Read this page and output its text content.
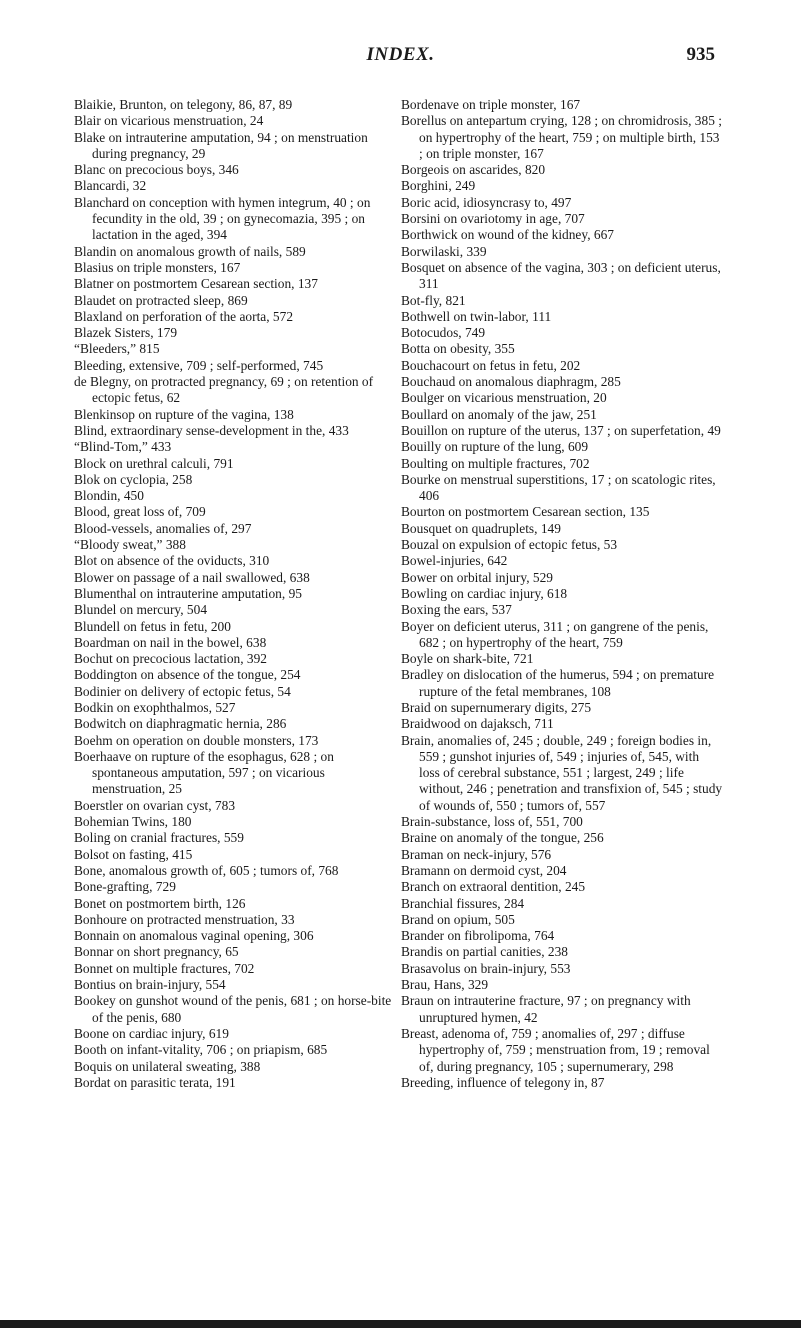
INDEX.	935

Blaikie, Brunton, on telegony, 86, 87, 89

Blair on vicarious menstruation, 24

Blake on intrauterine amputation, 94 ; on menstruation during pregnancy, 29

Blanc on precocious boys, 346

Blancardi, 32

Blanchard on conception with hymen integrum, 40 ; on fecundity in the old, 39 ; on gynecomazia, 395 ; on lactation in the aged, 394

Blandin on anomalous growth of nails, 589

Blasius on triple monsters, 167

Blatner on postmortem Cesarean section, 137

Blaudet on protracted sleep, 869

Blaxland on perforation of the aorta, 572

Blazek Sisters, 179

“Bleeders,” 815

Bleeding, extensive, 709 ; self-performed, 745

de Blegny, on protracted pregnancy, 69 ; on retention of ectopic fetus, 62

Blenkinsop on rupture of the vagina, 138

Blind, extraordinary sense-development in the, 433

“Blind-Tom,” 433

Block on urethral calculi, 791

Blok on cyclopia, 258

Blondin, 450

Blood, great loss of, 709

Blood-vessels, anomalies of, 297

“Bloody sweat,” 388

Blot on absence of the oviducts, 310

Blower on passage of a nail swallowed, 638

Blumenthal on intrauterine amputation, 95

Blundel on mercury, 504

Blundell on fetus in fetu, 200

Boardman on nail in the bowel, 638

Bochut on precocious lactation, 392

Boddington on absence of the tongue, 254

Bodinier on delivery of ectopic fetus, 54

Bodkin on exophthalmos, 527

Bodwitch on diaphragmatic hernia, 286

Boehm on operation on double monsters, 173

Boerhaave on rupture of the esophagus, 628 ; on spontaneous amputation, 597 ; on vicarious menstruation, 25

Boerstler on ovarian cyst, 783

Bohemian Twins, 180

Boling on cranial fractures, 559

Bolsot on fasting, 415

Bone, anomalous growth of, 605 ; tumors of, 768

Bone-grafting, 729

Bonet on postmortem birth, 126

Bonhoure on protracted menstruation, 33

Bonnain on anomalous vaginal opening, 306

Bonnar on short pregnancy, 65

Bonnet on multiple fractures, 702

Bontius on brain-injury, 554

Bookey on gunshot wound of the penis, 681 ; on horse-bite of the penis, 680

Boone on cardiac injury, 619

Booth on infant-vitality, 706 ; on priapism, 685

Boquis on unilateral sweating, 388

Bordat on parasitic terata, 191

Bordenave on triple monster, 167

Borellus on antepartum crying, 128 ; on chromidrosis, 385 ; on hypertrophy of the heart, 759 ; on multiple birth, 153 ; on triple monster, 167

Borgeois on ascarides, 820

Borghini, 249

Boric acid, idiosyncrasy to, 497

Borsini on ovariotomy in age, 707

Borthwick on wound of the kidney, 667

Borwilaski, 339

Bosquet on absence of the vagina, 303 ; on deficient uterus, 311

Bot-fly, 821

Bothwell on twin-labor, 111

Botocudos, 749

Botta on obesity, 355

Bouchacourt on fetus in fetu, 202

Bouchaud on anomalous diaphragm, 285

Boulger on vicarious menstruation, 20

Boullard on anomaly of the jaw, 251

Bouillon on rupture of the uterus, 137 ; on superfetation, 49

Bouilly on rupture of the lung, 609

Boulting on multiple fractures, 702

Bourke on menstrual superstitions, 17 ; on scatologic rites, 406

Bourton on postmortem Cesarean section, 135

Bousquet on quadruplets, 149

Bouzal on expulsion of ectopic fetus, 53

Bowel-injuries, 642

Bower on orbital injury, 529

Bowling on cardiac injury, 618

Boxing the ears, 537

Boyer on deficient uterus, 311 ; on gangrene of the penis, 682 ; on hypertrophy of the heart, 759

Boyle on shark-bite, 721

Bradley on dislocation of the humerus, 594 ; on premature rupture of the fetal membranes, 108

Braid on supernumerary digits, 275

Braidwood on dajaksch, 711

Brain, anomalies of, 245 ; double, 249 ; foreign bodies in, 559 ; gunshot injuries of, 549 ; injuries of, 545, with loss of cerebral substance, 551 ; largest, 249 ; life without, 246 ; penetration and transfixion of, 545 ; study of wounds of, 550 ; tumors of, 557

Brain-substance, loss of, 551, 700

Braine on anomaly of the tongue, 256

Braman on neck-injury, 576

Bramann on dermoid cyst, 204

Branch on extraoral dentition, 245

Branchial fissures, 284

Brand on opium, 505

Brander on fibrolipoma, 764

Brandis on partial canities, 238

Brasavolus on brain-injury, 553

Brau, Hans, 329

Braun on intrauterine fracture, 97 ; on pregnancy with unruptured hymen, 42

Breast, adenoma of, 759 ; anomalies of, 297 ; diffuse hypertrophy of, 759 ; menstruation from, 19 ; removal of, during pregnancy, 105 ; supernumerary, 298

Breeding, influence of telegony in, 87
